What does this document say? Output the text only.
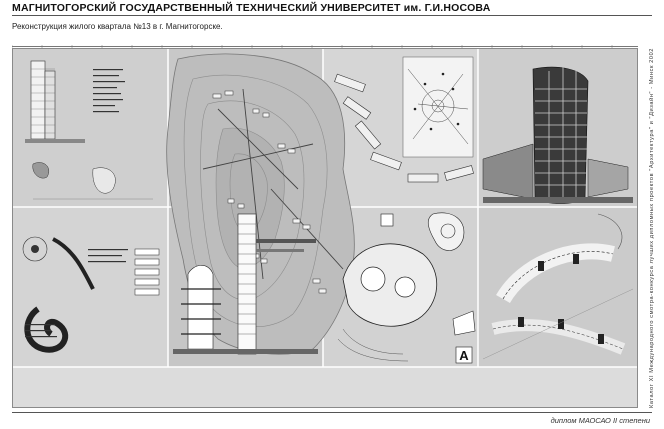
МАГНИТОГОРСКИЙ ГОСУДАРСТВЕННЫЙ ТЕХНИЧЕСКИЙ УНИВЕРСИТЕТ им. Г.И.НОСОВА
Реконструкция жилого квартала №13 в г. Магнитогорске.
A	Каталог XI Международного смотра-конкурса лучших дипломных проектов "Архитектура" и "Дизайн" - Минск 2002
диплом МАОСАО II степени
